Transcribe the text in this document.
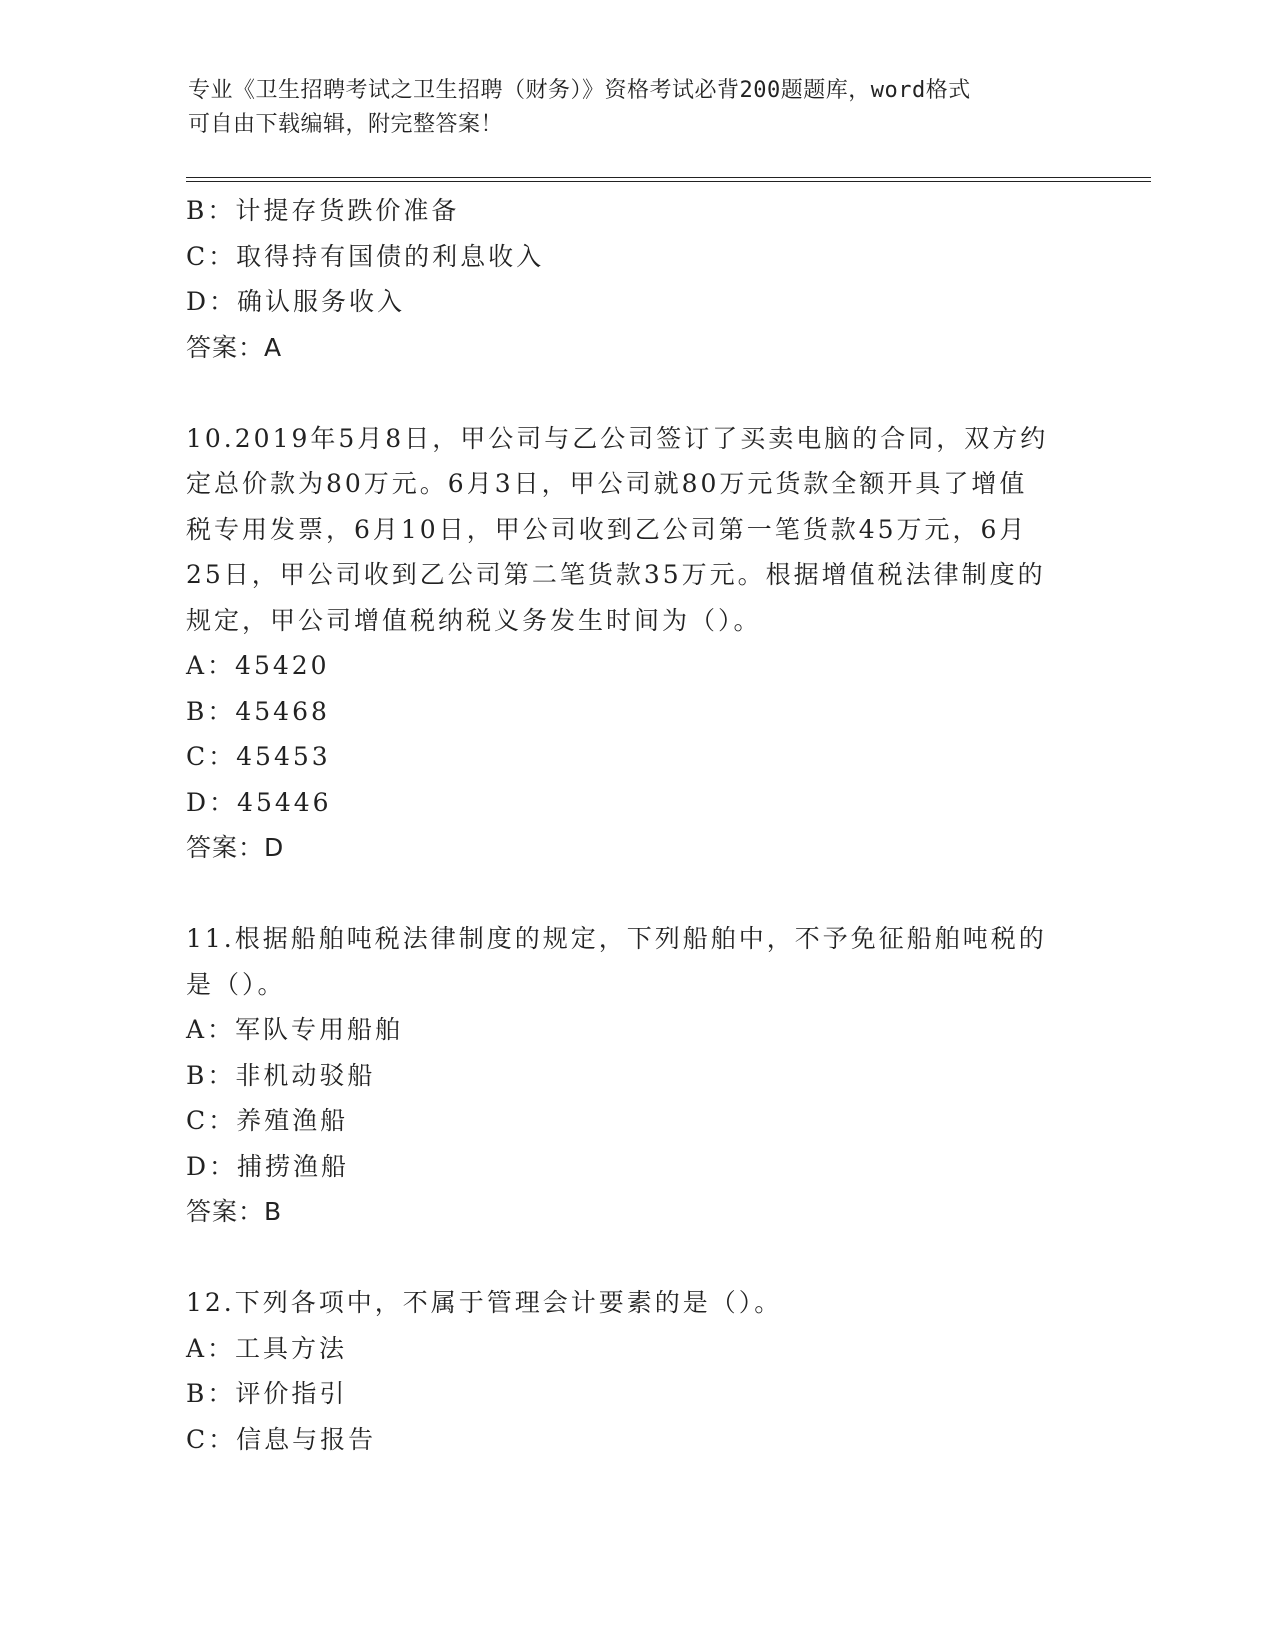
专业《卫生招聘考试之卫生招聘（财务）》资格考试必背200题题库，word格式
可自由下载编辑，附完整答案！
B：计提存货跌价准备
C：取得持有国债的利息收入
D：确认服务收入
答案：A
10.2019年5月8日，甲公司与乙公司签订了买卖电脑的合同，双方约
定总价款为80万元。6月3日，甲公司就80万元货款全额开具了增值
税专用发票，6月10日，甲公司收到乙公司第一笔货款45万元，6月
25日，甲公司收到乙公司第二笔货款35万元。根据增值税法律制度的
规定，甲公司增值税纳税义务发生时间为（）。
A：45420
B：45468
C：45453
D：45446
答案：D
11.根据船舶吨税法律制度的规定，下列船舶中，不予免征船舶吨税的
是（）。
A：军队专用船舶
B：非机动驳船
C：养殖渔船
D：捕捞渔船
答案：B
12.下列各项中，不属于管理会计要素的是（）。
A：工具方法
B：评价指引
C：信息与报告
